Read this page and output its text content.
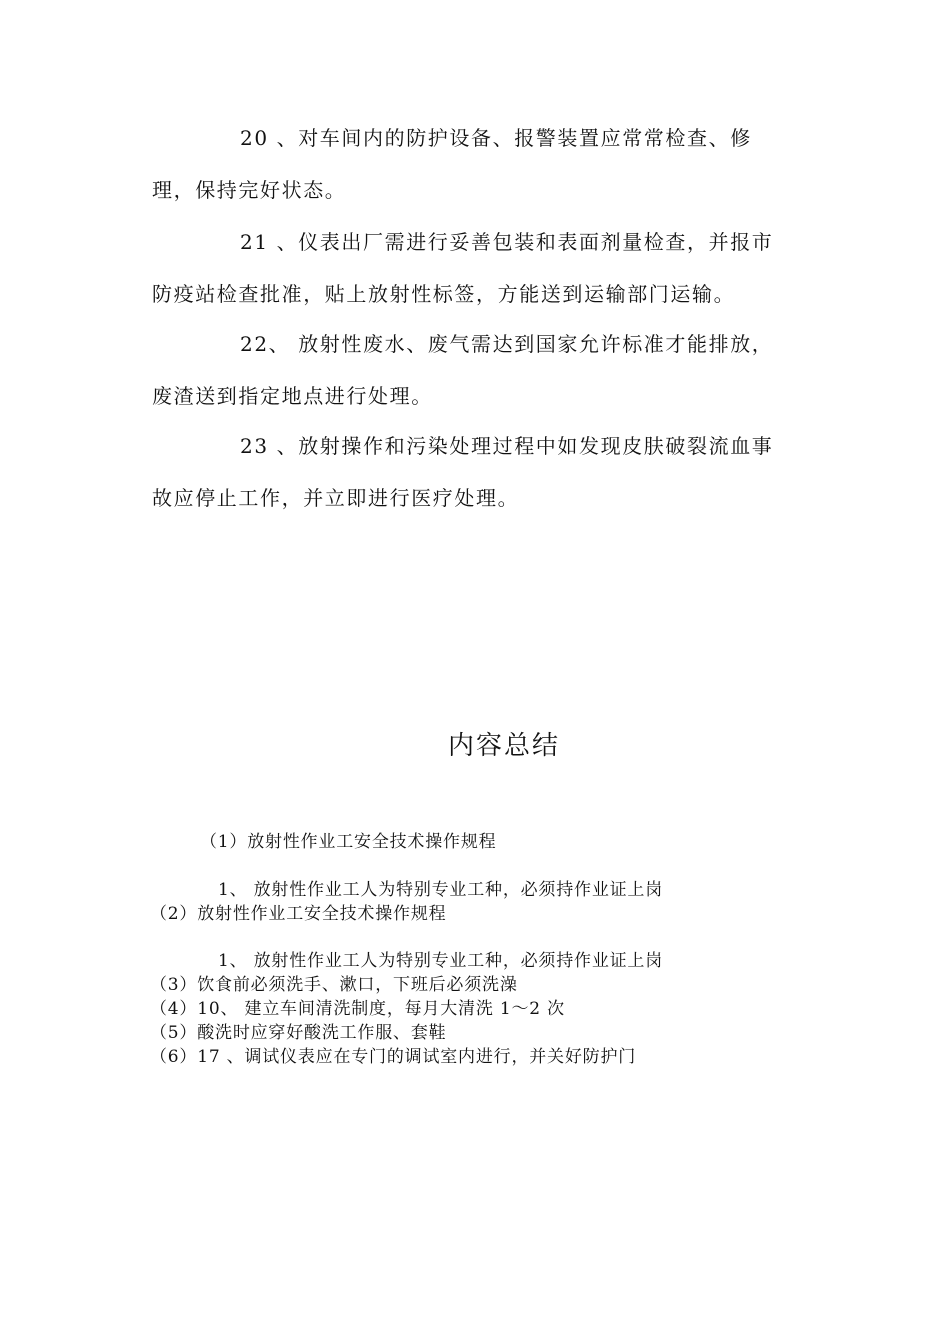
20 、对车间内的防护设备、报警装置应常常检查、修
理，保持完好状态。
21 、仪表出厂需进行妥善包装和表面剂量检查，并报市
防疫站检查批准，贴上放射性标签，方能送到运输部门运输。
22、 放射性废水、废气需达到国家允许标准才能排放，
废渣送到指定地点进行处理。
23 、放射操作和污染处理过程中如发现皮肤破裂流血事
故应停止工作，并立即进行医疗处理。
内容总结
（1）放射性作业工安全技术操作规程
1、 放射性作业工人为特别专业工种，必须持作业证上岗
（2）放射性作业工安全技术操作规程
1、 放射性作业工人为特别专业工种，必须持作业证上岗
（3）饮食前必须洗手、漱口，下班后必须洗澡
（4）10、 建立车间清洗制度，每月大清洗 1～2 次
（5）酸洗时应穿好酸洗工作服、套鞋
（6）17 、调试仪表应在专门的调试室内进行，并关好防护门
